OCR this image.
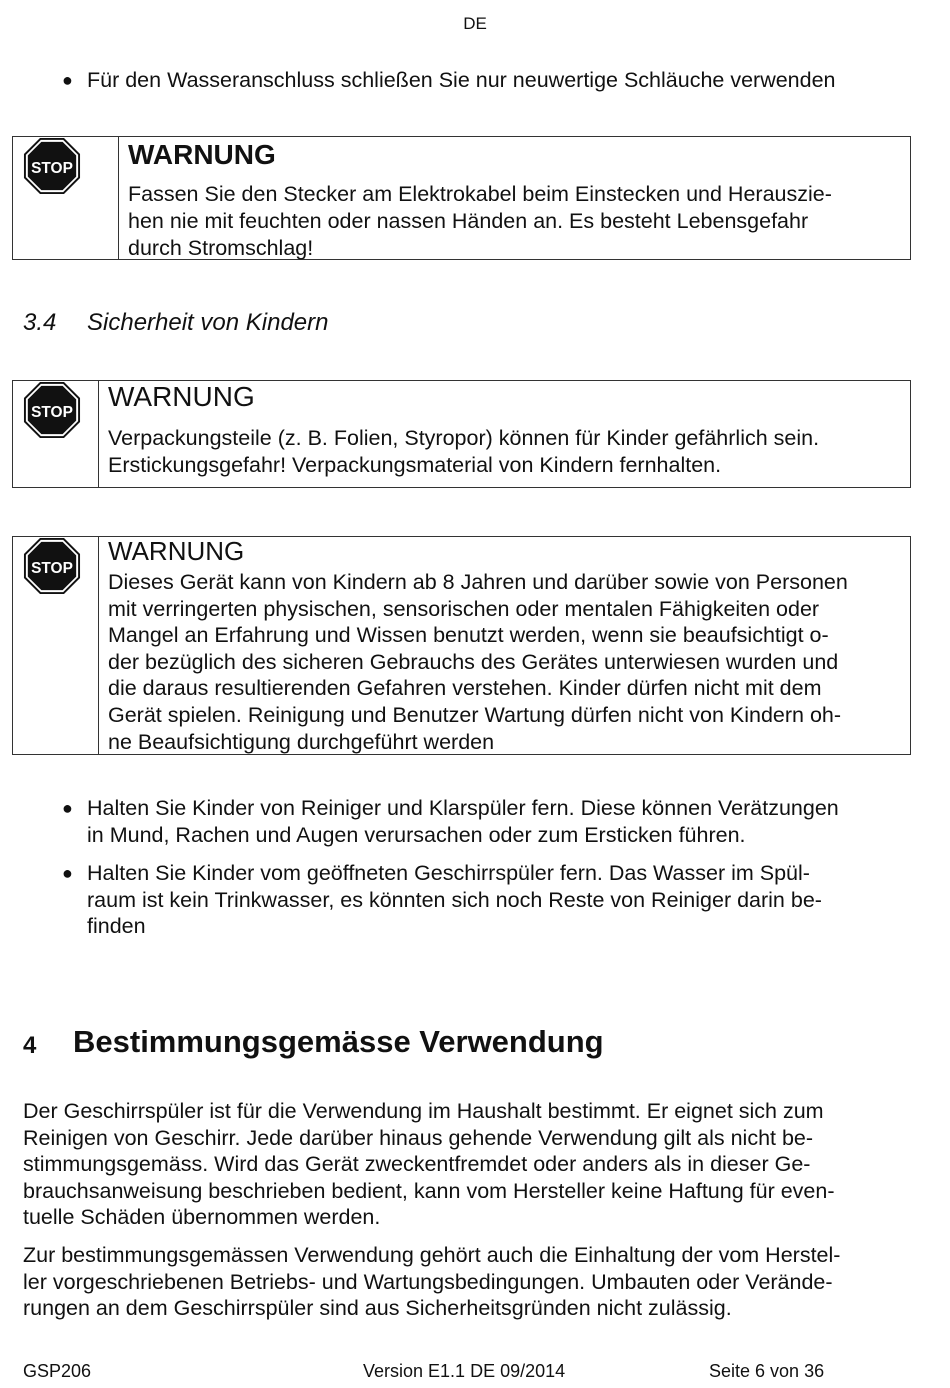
DE
● Für den Wasseranschluss schließen Sie nur neuwertige Schläuche verwenden
STOP WARNUNG
Fassen Sie den Stecker am Elektrokabel beim Einstecken und Herauszie-
hen nie mit feuchten oder nassen Händen an. Es besteht Lebensgefahr
durch Stromschlag!
3.4 Sicherheit von Kindern
STOP
WARNUNG
Verpackungsteile (z. B. Folien, Styropor) können für Kinder gefährlich sein.
Erstickungsgefahr! Verpackungsmaterial von Kindern fernhalten.
STOP
WARNUNG
Dieses Gerät kann von Kindern ab 8 Jahren und darüber sowie von Personen
mit verringerten physischen, sensorischen oder mentalen Fähigkeiten oder
Mangel an Erfahrung und Wissen benutzt werden, wenn sie beaufsichtigt o-
der bezüglich des sicheren Gebrauchs des Gerätes unterwiesen wurden und
die daraus resultierenden Gefahren verstehen. Kinder dürfen nicht mit dem
Gerät spielen. Reinigung und Benutzer Wartung dürfen nicht von Kindern oh-
ne Beaufsichtigung durchgeführt werden
● Halten Sie Kinder von Reiniger und Klarspüler fern. Diese können Verätzungen
in Mund, Rachen und Augen verursachen oder zum Ersticken führen.
● Halten Sie Kinder vom geöffneten Geschirrspüler fern. Das Wasser im Spül-
raum ist kein Trinkwasser, es könnten sich noch Reste von Reiniger darin be-
finden
4 Bestimmungsgemässe Verwendung
Der Geschirrspüler ist für die Verwendung im Haushalt bestimmt. Er eignet sich zum
Reinigen von Geschirr. Jede darüber hinaus gehende Verwendung gilt als nicht be-
stimmungsgemäss. Wird das Gerät zweckentfremdet oder anders als in dieser Ge-
brauchsanweisung beschrieben bedient, kann vom Hersteller keine Haftung für even-
tuelle Schäden übernommen werden.
Zur bestimmungsgemässen Verwendung gehört auch die Einhaltung der vom Herstel-
ler vorgeschriebenen Betriebs- und Wartungsbedingungen. Umbauten oder Verände-
rungen an dem Geschirrspüler sind aus Sicherheitsgründen nicht zulässig.
GSP206	Version E1.1 DE 09/2014	Seite 6 von 36
